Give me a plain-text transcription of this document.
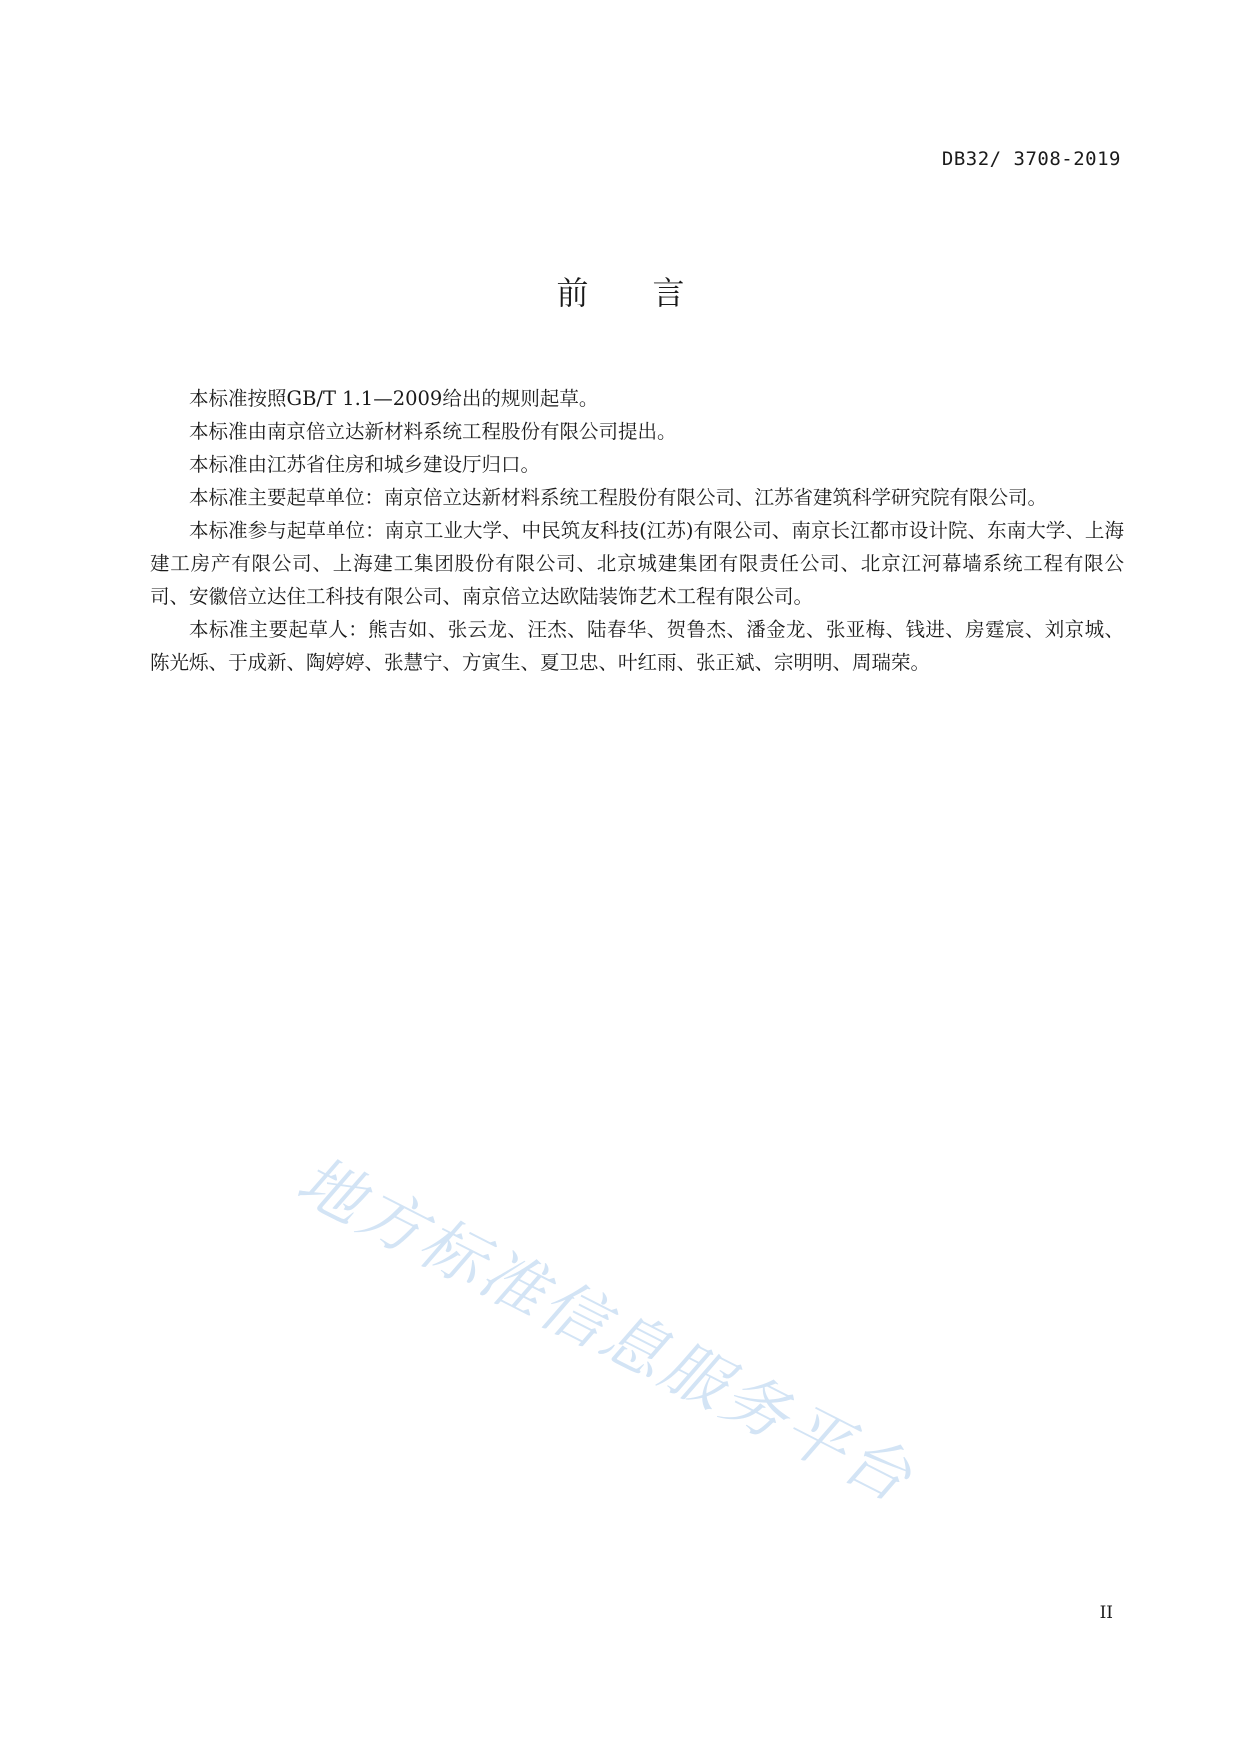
DB32/ 3708-2019
前言

本标准按照GB/T 1.1—2009给出的规则起草。

本标准由南京倍立达新材料系统工程股份有限公司提出。

本标准由江苏省住房和城乡建设厅归口。

本标准主要起草单位：南京倍立达新材料系统工程股份有限公司、江苏省建筑科学研究院有限公司。

本标准参与起草单位：南京工业大学、中民筑友科技(江苏)有限公司、南京长江都市设计院、东南大学、上海建工房产有限公司、上海建工集团股份有限公司、北京城建集团有限责任公司、北京江河幕墙系统工程有限公司、安徽倍立达住工科技有限公司、南京倍立达欧陆装饰艺术工程有限公司。

本标准主要起草人：熊吉如、张云龙、汪杰、陆春华、贺鲁杰、潘金龙、张亚梅、钱进、房霆宸、刘京城、陈光烁、于成新、陶婷婷、张慧宁、方寅生、夏卫忠、叶红雨、张正斌、宗明明、周瑞荣。

地方标准信息服务平台
II
